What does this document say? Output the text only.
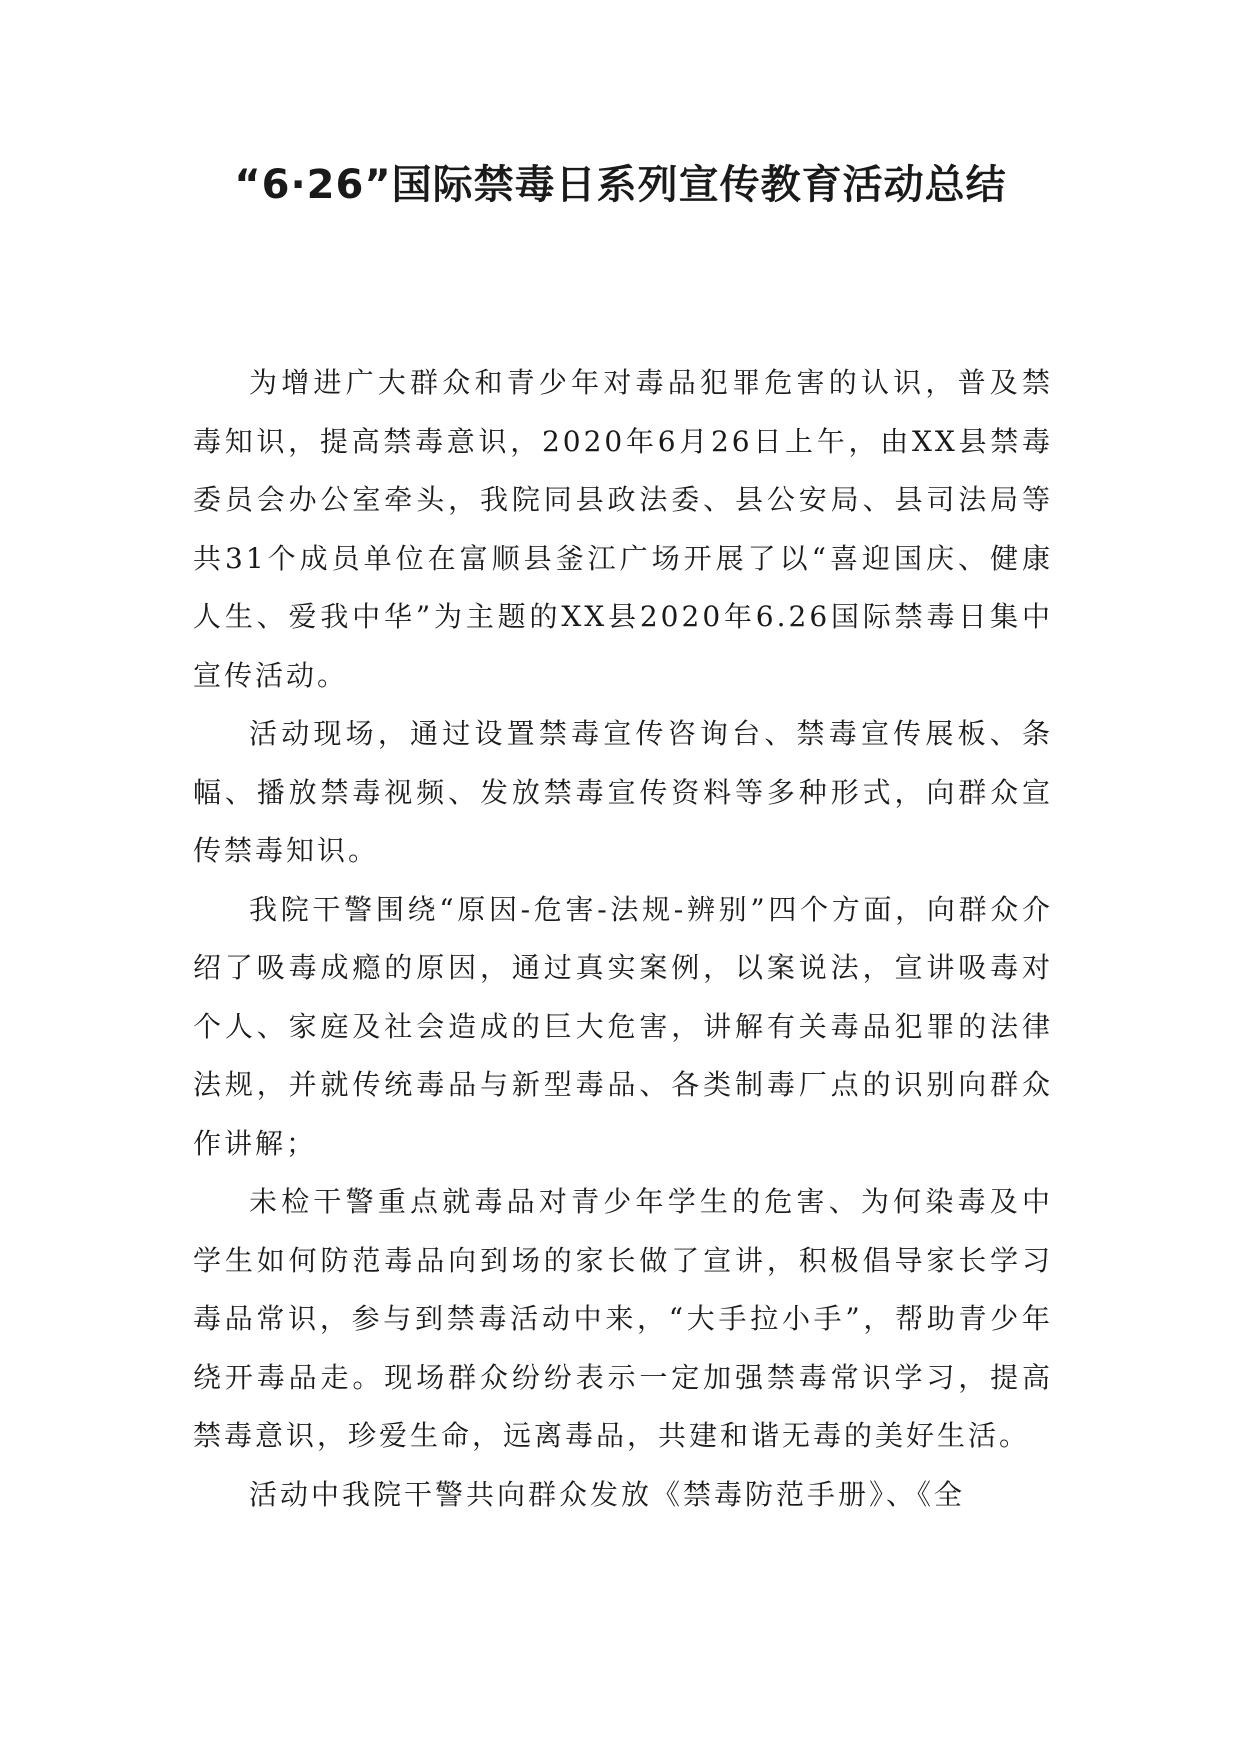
“6·26”国际禁毒日系列宣传教育活动总结

为增进广大群众和青少年对毒品犯罪危害的认识，普及禁毒知识，提高禁毒意识，2020年6月26日上午，由XX县禁毒委员会办公室牵头，我院同县政法委、县公安局、县司法局等共31个成员单位在富顺县釜江广场开展了以“喜迎国庆、健康人生、爱我中华”为主题的XX县2020年6.26国际禁毒日集中宣传活动。

活动现场，通过设置禁毒宣传咨询台、禁毒宣传展板、条幅、播放禁毒视频、发放禁毒宣传资料等多种形式，向群众宣传禁毒知识。

我院干警围绕“原因-危害-法规-辨别”四个方面，向群众介绍了吸毒成瘾的原因，通过真实案例，以案说法，宣讲吸毒对个人、家庭及社会造成的巨大危害，讲解有关毒品犯罪的法律法规，并就传统毒品与新型毒品、各类制毒厂点的识别向群众作讲解；

未检干警重点就毒品对青少年学生的危害、为何染毒及中学生如何防范毒品向到场的家长做了宣讲，积极倡导家长学习毒品常识，参与到禁毒活动中来，“大手拉小手”，帮助青少年绕开毒品走。现场群众纷纷表示一定加强禁毒常识学习，提高禁毒意识，珍爱生命，远离毒品，共建和谐无毒的美好生活。

活动中我院干警共向群众发放《禁毒防范手册》、《全
